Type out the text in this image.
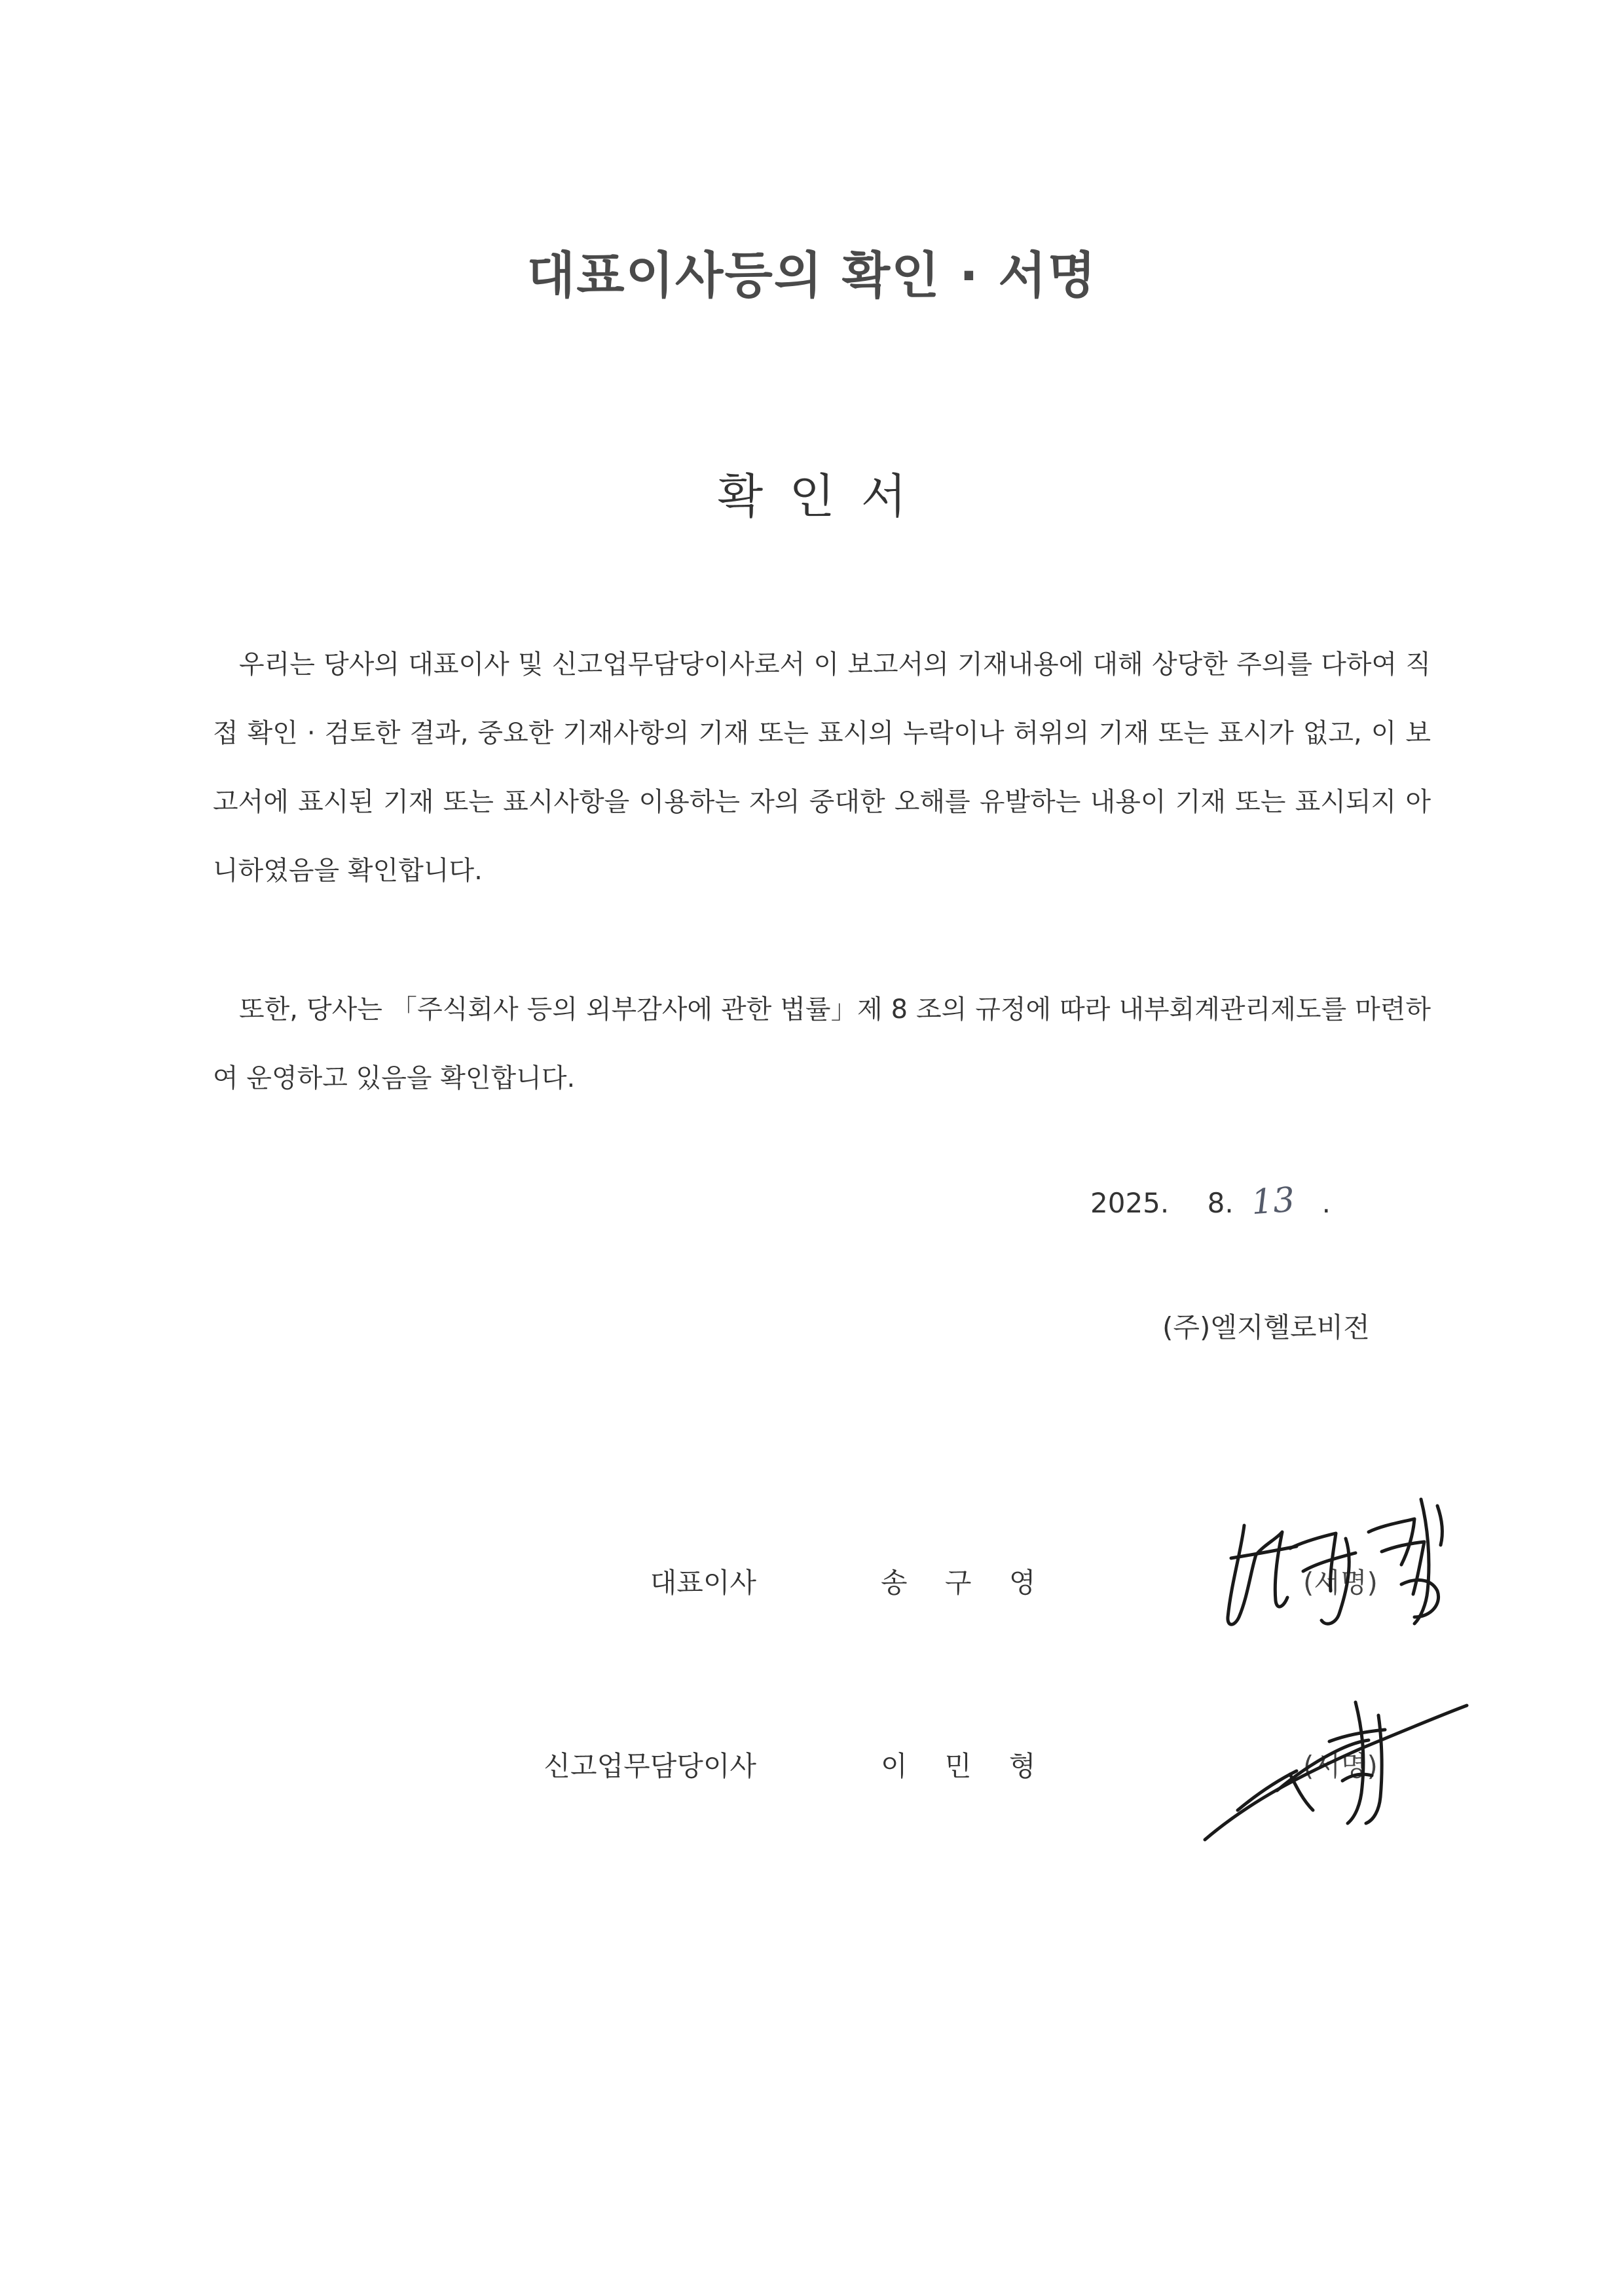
대표이사등의 확인 · 서명
확인서

우리는 당사의 대표이사 및 신고업무담당이사로서 이 보고서의 기재내용에 대해 상당한 주의를 다하여 직접 확인 · 검토한 결과, 중요한 기재사항의 기재 또는 표시의 누락이나 허위의 기재 또는 표시가 없고, 이 보고서에 표시된 기재 또는 표시사항을 이용하는 자의 중대한 오해를 유발하는 내용이 기재 또는 표시되지 아니하였음을 확인합니다.

또한, 당사는 「주식회사 등의 외부감사에 관한 법률」제 8 조의 규정에 따라 내부회계관리제도를 마련하여 운영하고 있음을 확인합니다.

2025. 8. 13 .
(주)엘지헬로비전
대표이사	송 구 영	(서명)
신고업무담당이사	이 민 형	(서명)
